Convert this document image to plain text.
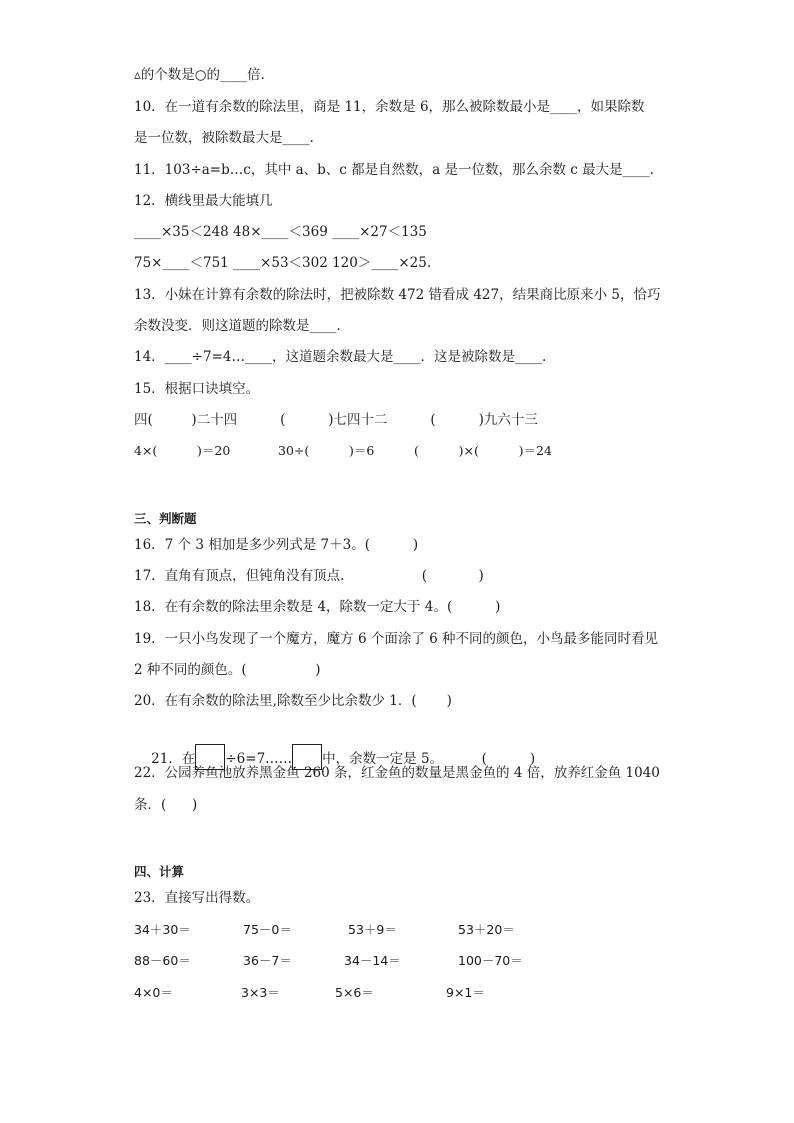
▵的个数是○的____倍.
10．在一道有余数的除法里，商是 11，余数是 6，那么被除数最小是____，如果除数
是一位数，被除数最大是____.
11．103÷a=b…c，其中 a、b、c 都是自然数，a 是一位数，那么余数 c 最大是____.
12．横线里最大能填几
____×35＜248 48×____＜369 ____×27＜135
75×____＜751 ____×53＜302 120＞____×25.
13．小妹在计算有余数的除法时，把被除数 472 错看成 427，结果商比原来小 5，恰巧
余数没变．则这道题的除数是____.
14．____÷7=4…____，这道题余数最大是____．这是被除数是____.
15．根据口诀填空。
四(         )二十四          (          )七四十二          (          )九六十三
4×(          )＝20            30÷(          )＝6          (          )×(          )＝24
三、判断题
16．7 个 3 相加是多少列式是 7＋3。(          )
17．直角有顶点，但钝角没有顶点.                  (            )
18．在有余数的除法里余数是 4，除数一定大于 4。(          )
19．一只小鸟发现了一个魔方，魔方 6 个面涂了 6 种不同的颜色，小鸟最多能同时看见
2 种不同的颜色。(                )
20．在有余数的除法里,除数至少比余数少 1．(       )

21．在 ÷6=7…… 中，余数一定是 5。         (          )

22．公园养鱼池放养黑金鱼 260 条，红金鱼的数量是黑金鱼的 4 倍，放养红金鱼 1040
条．(      )
四、计算
23．直接写出得数。
34＋30＝	75－0＝	53＋9＝	53＋20＝
88－60＝	36－7＝	34－14＝	100－70＝
4×0＝	3×3＝	5×6＝	9×1＝
